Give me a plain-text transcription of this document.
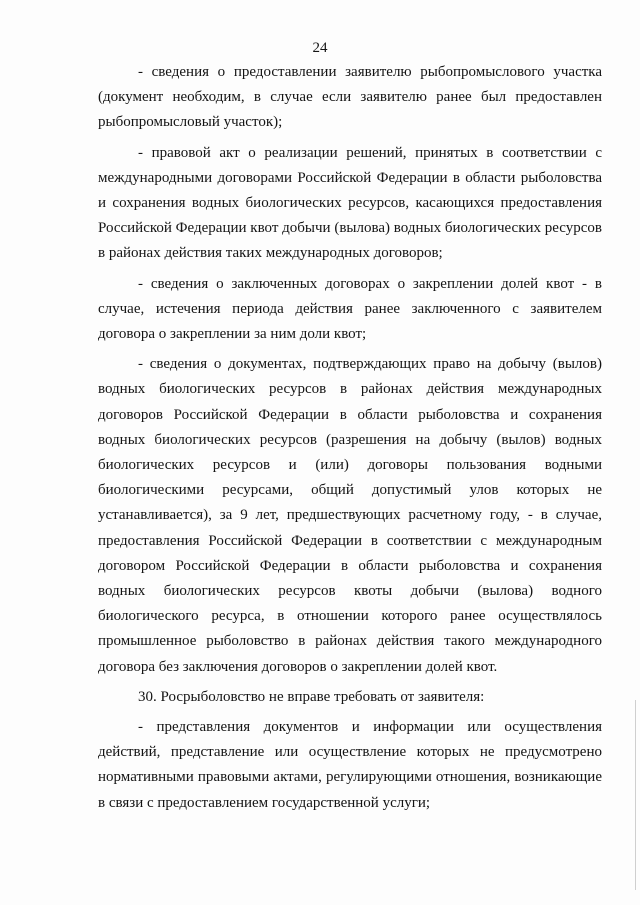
24

- сведения о предоставлении заявителю рыбопромыслового участка (документ необходим, в случае если заявителю ранее был предоставлен рыбопромысловый участок);

- правовой акт о реализации решений, принятых в соответствии с международными договорами Российской Федерации в области рыболовства и сохранения водных биологических ресурсов, касающихся предоставления Российской Федерации квот добычи (вылова) водных биологических ресурсов в районах действия таких международных договоров;

- сведения о заключенных договорах о закреплении долей квот - в случае, истечения периода действия ранее заключенного с заявителем договора о закреплении за ним доли квот;

- сведения о документах, подтверждающих право на добычу (вылов) водных биологических ресурсов в районах действия международных договоров Российской Федерации в области рыболовства и сохранения водных биологических ресурсов (разрешения на добычу (вылов) водных биологических ресурсов и (или) договоры пользования водными биологическими ресурсами, общий допустимый улов которых не устанавливается), за 9 лет, предшествующих расчетному году, - в случае, предоставления Российской Федерации в соответствии с международным договором Российской Федерации в области рыболовства и сохранения водных биологических ресурсов квоты добычи (вылова) водного биологического ресурса, в отношении которого ранее осуществлялось промышленное рыболовство в районах действия такого международного договора без заключения договоров о закреплении долей квот.

30. Росрыболовство не вправе требовать от заявителя:

- представления документов и информации или осуществления действий, представление или осуществление которых не предусмотрено нормативными правовыми актами, регулирующими отношения, возникающие в связи с предоставлением государственной услуги;
